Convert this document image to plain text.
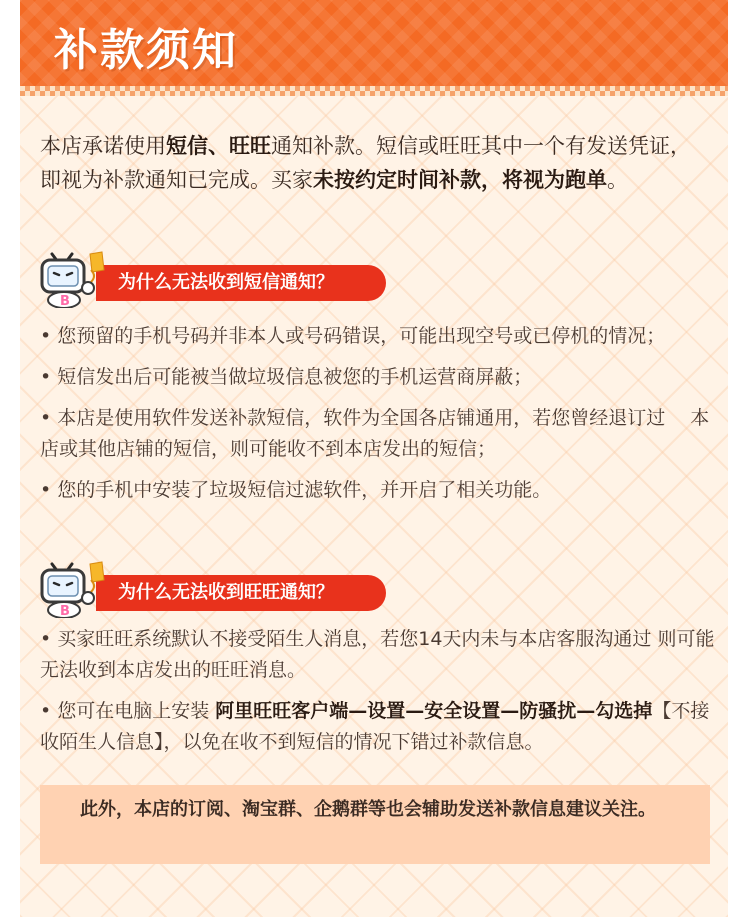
补款须知
本店承诺使用短信、旺旺通知补款。短信或旺旺其中一个有发送凭证，即视为补款通知已完成。买家未按约定时间补款，将视为跑单。
为什么无法收到短信通知？
B
• 您预留的手机号码并非本人或号码错误，可能出现空号或已停机的情况；
• 短信发出后可能被当做垃圾信息被您的手机运营商屏蔽；
• 本店是使用软件发送补款短信，软件为全国各店铺通用，若您曾经退订过　 本店或其他店铺的短信，则可能收不到本店发出的短信；
• 您的手机中安装了垃圾短信过滤软件，并开启了相关功能。
为什么无法收到旺旺通知？
B
• 买家旺旺系统默认不接受陌生人消息，若您14天内未与本店客服沟通过 则可能无法收到本店发出的旺旺消息。
• 您可在电脑上安装 阿里旺旺客户端—设置—安全设置—防骚扰—勾选掉【不接收陌生人信息】，以免在收不到短信的情况下错过补款信息。
此外，本店的订阅、淘宝群、企鹅群等也会辅助发送补款信息建议关注。
